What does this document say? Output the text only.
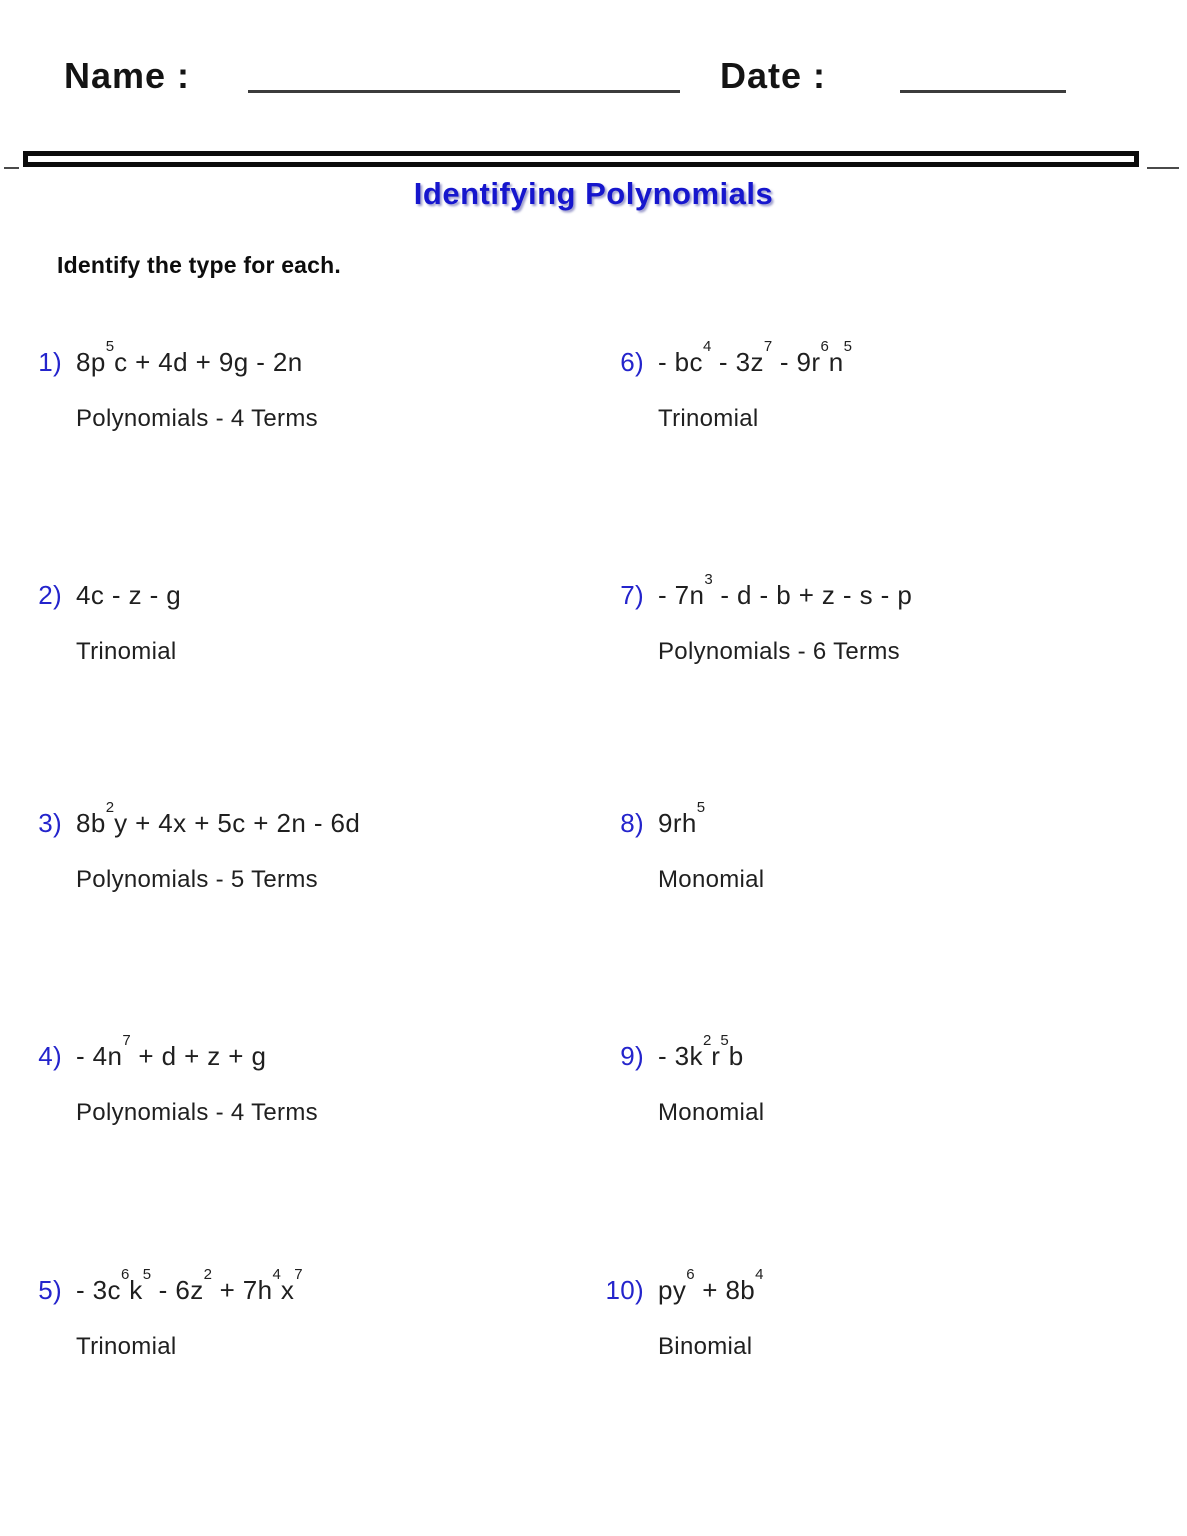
Name :	Date :
Identifying Polynomials
Identify the type for each.
1) $8p^5c + 4d + 9g - 2n$
Polynomials - 4 Terms
2) 4c - z - g
Trinomial
3) $8b^2y + 4x + 5c + 2n - 6d$
Polynomials - 5 Terms
$4) - 4n^7 + d + z + g$
Polynomials - 4 Terms
$5) - 3c^6k^5 - 6z^2 + 7h^4x^7$
Trinomial
$6) - bc^4 - 3z^7 - 9r^6n^5$
Trinomial
$7) - 7n^3 - d - b + z - s - p$
Polynomials - 6 Terms
8) $9rh^5$
Monomial
$9) - 3k^2r^5b$
Monomial
10) $py^6 + 8b^4$
Binomial
